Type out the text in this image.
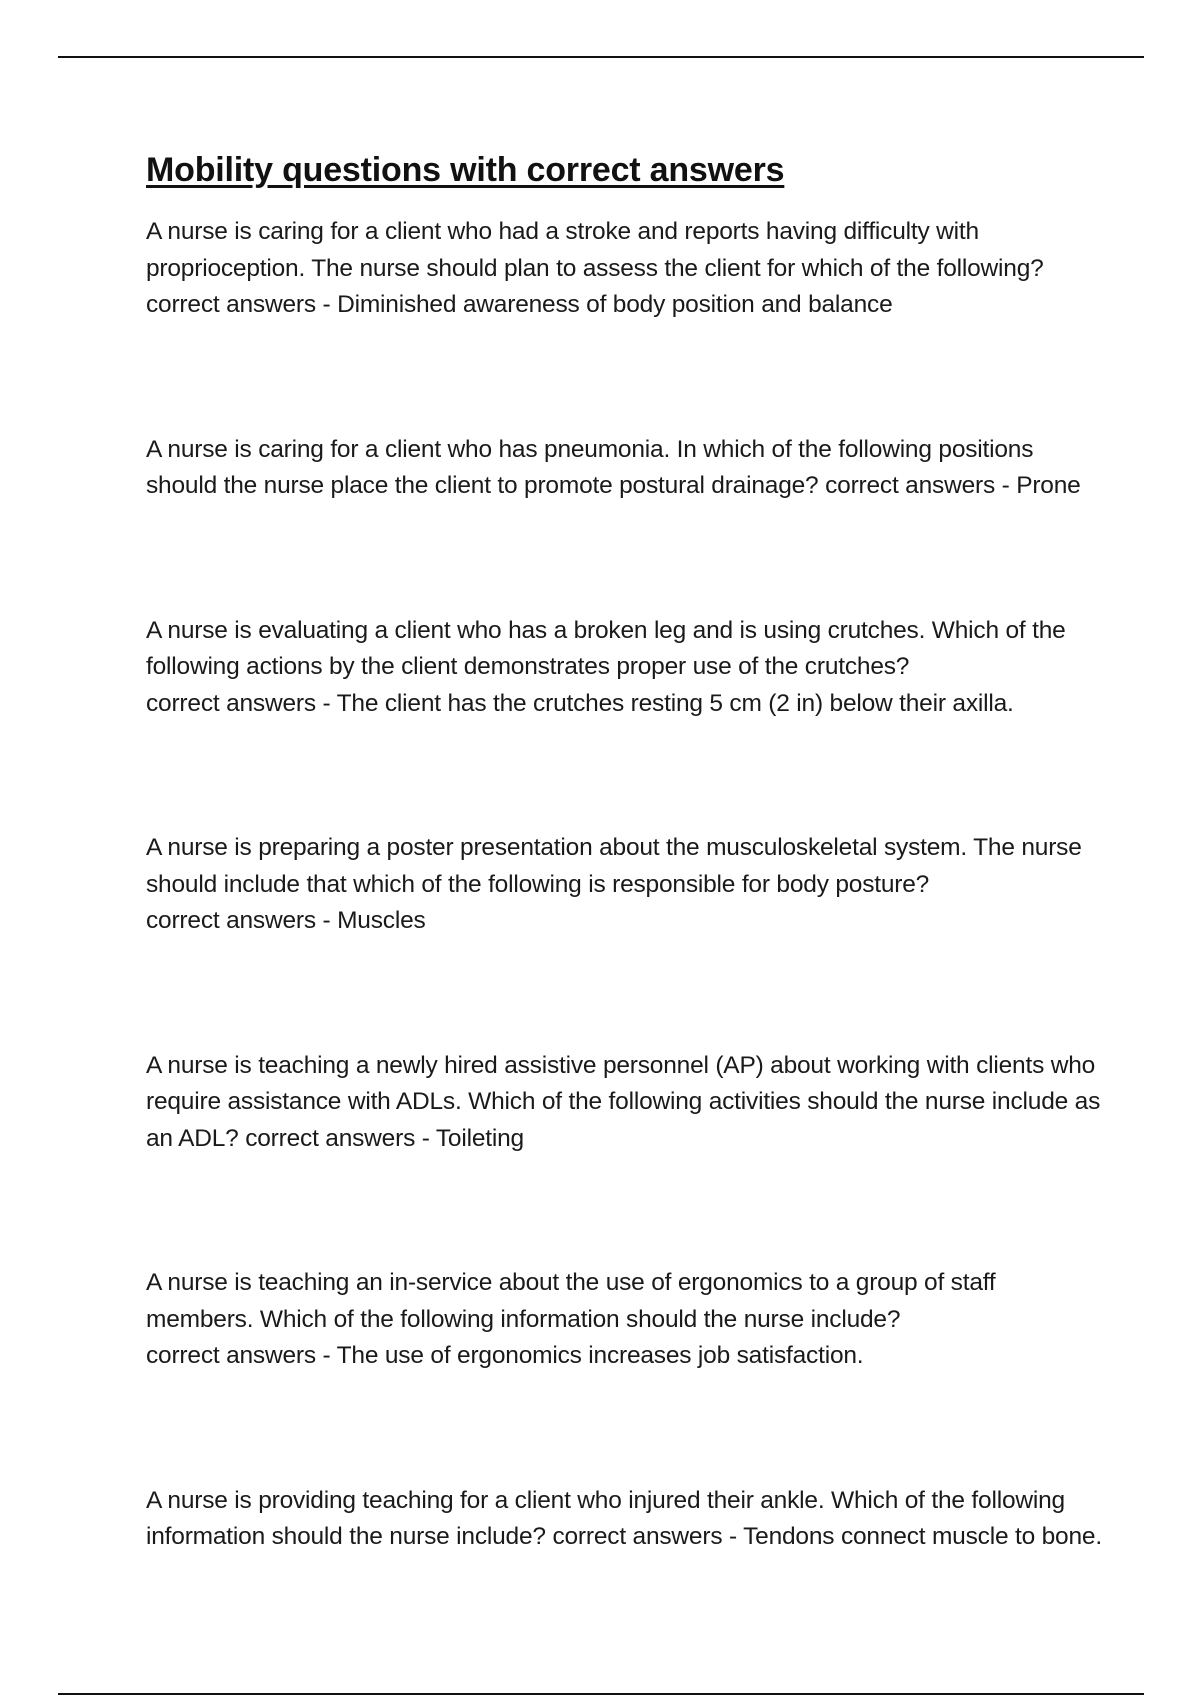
Mobility questions with correct answers

A nurse is caring for a client who had a stroke and reports having difficulty with proprioception. The nurse should plan to assess the client for which of the following? correct answers - Diminished awareness of body position and balance

A nurse is caring for a client who has pneumonia. In which of the following positions should the nurse place the client to promote postural drainage? correct answers - Prone

A nurse is evaluating a client who has a broken leg and is using crutches. Which of the following actions by the client demonstrates proper use of the crutches? correct answers - The client has the crutches resting 5 cm (2 in) below their axilla.

A nurse is preparing a poster presentation about the musculoskeletal system. The nurse should include that which of the following is responsible for body posture? correct answers - Muscles

A nurse is teaching a newly hired assistive personnel (AP) about working with clients who require assistance with ADLs. Which of the following activities should the nurse include as an ADL? correct answers - Toileting

A nurse is teaching an in-service about the use of ergonomics to a group of staff members. Which of the following information should the nurse include? correct answers - The use of ergonomics increases job satisfaction.

A nurse is providing teaching for a client who injured their ankle. Which of the following information should the nurse include? correct answers - Tendons connect muscle to bone.
